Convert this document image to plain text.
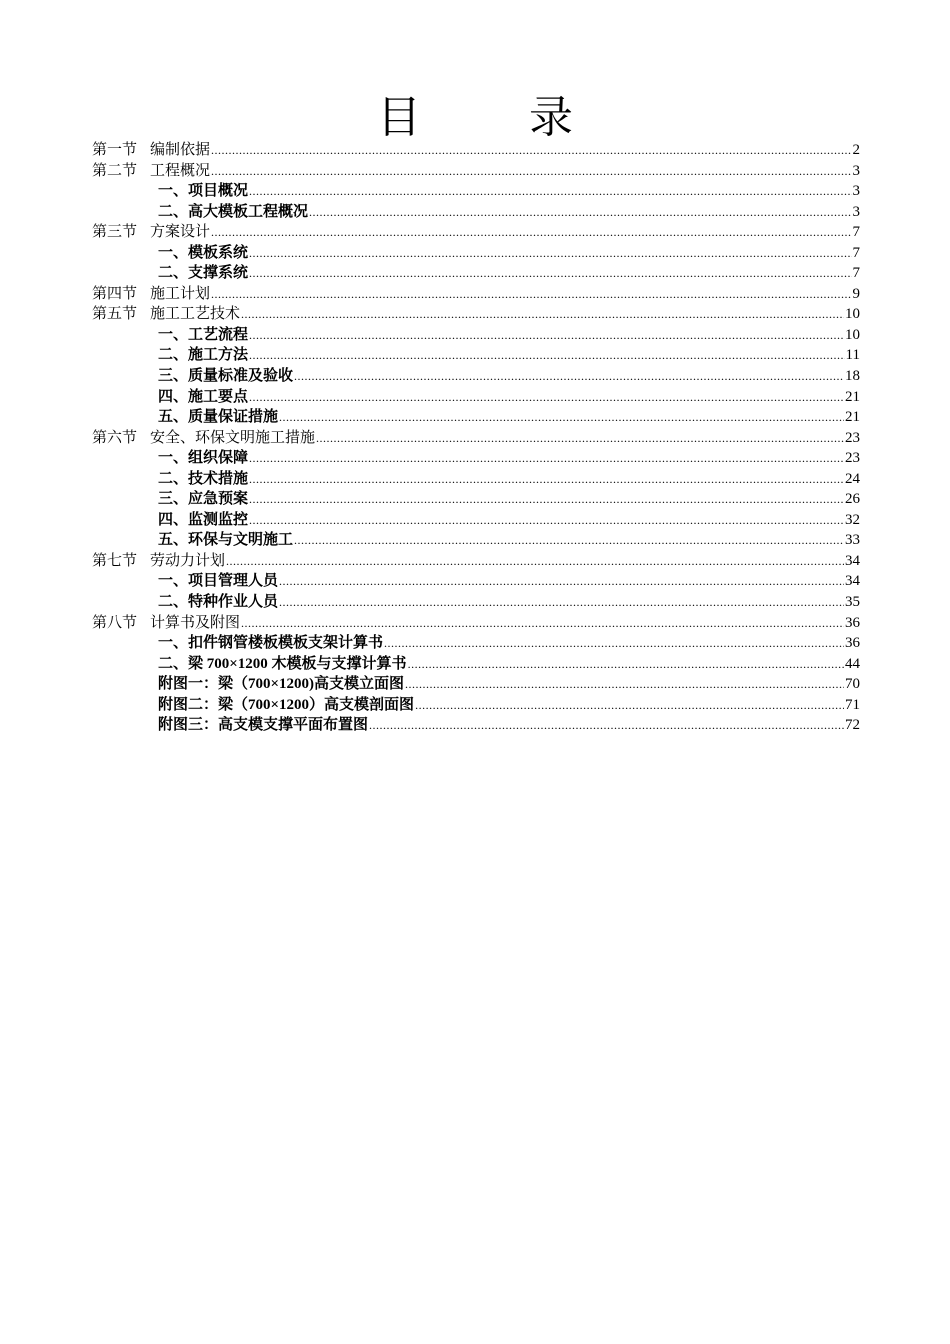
目　录
第一节 编制依据 .....	2
第二节 工程概况 .....	3
一、项目概况 .....	3
二、高大模板工程概况 .....	3
第三节 方案设计 .....	7
一、模板系统 .....	7
二、支撑系统 .....	7
第四节 施工计划 .....	9
第五节 施工工艺技术 .....	10
一、工艺流程 .....	10
二、施工方法 .....	11
三、质量标准及验收 .....	18
四、施工要点 .....	21
五、质量保证措施 .....	21
第六节 安全、环保文明施工措施 .....	23
一、组织保障 .....	23
二、技术措施 .....	24
三、应急预案 .....	26
四、监测监控 .....	32
五、环保与文明施工 .....	33
第七节 劳动力计划 .....	34
一、项目管理人员 .....	34
二、特种作业人员 .....	35
第八节 计算书及附图 .....	36
一、扣件钢管楼板模板支架计算书 .....	36
二、梁 700×1200 木模板与支撑计算书 .....	44
附图一：梁（700×1200)高支模立面图 .....	70
附图二：梁（700×1200）高支模剖面图 .....	71
附图三：高支模支撑平面布置图 .....	72
